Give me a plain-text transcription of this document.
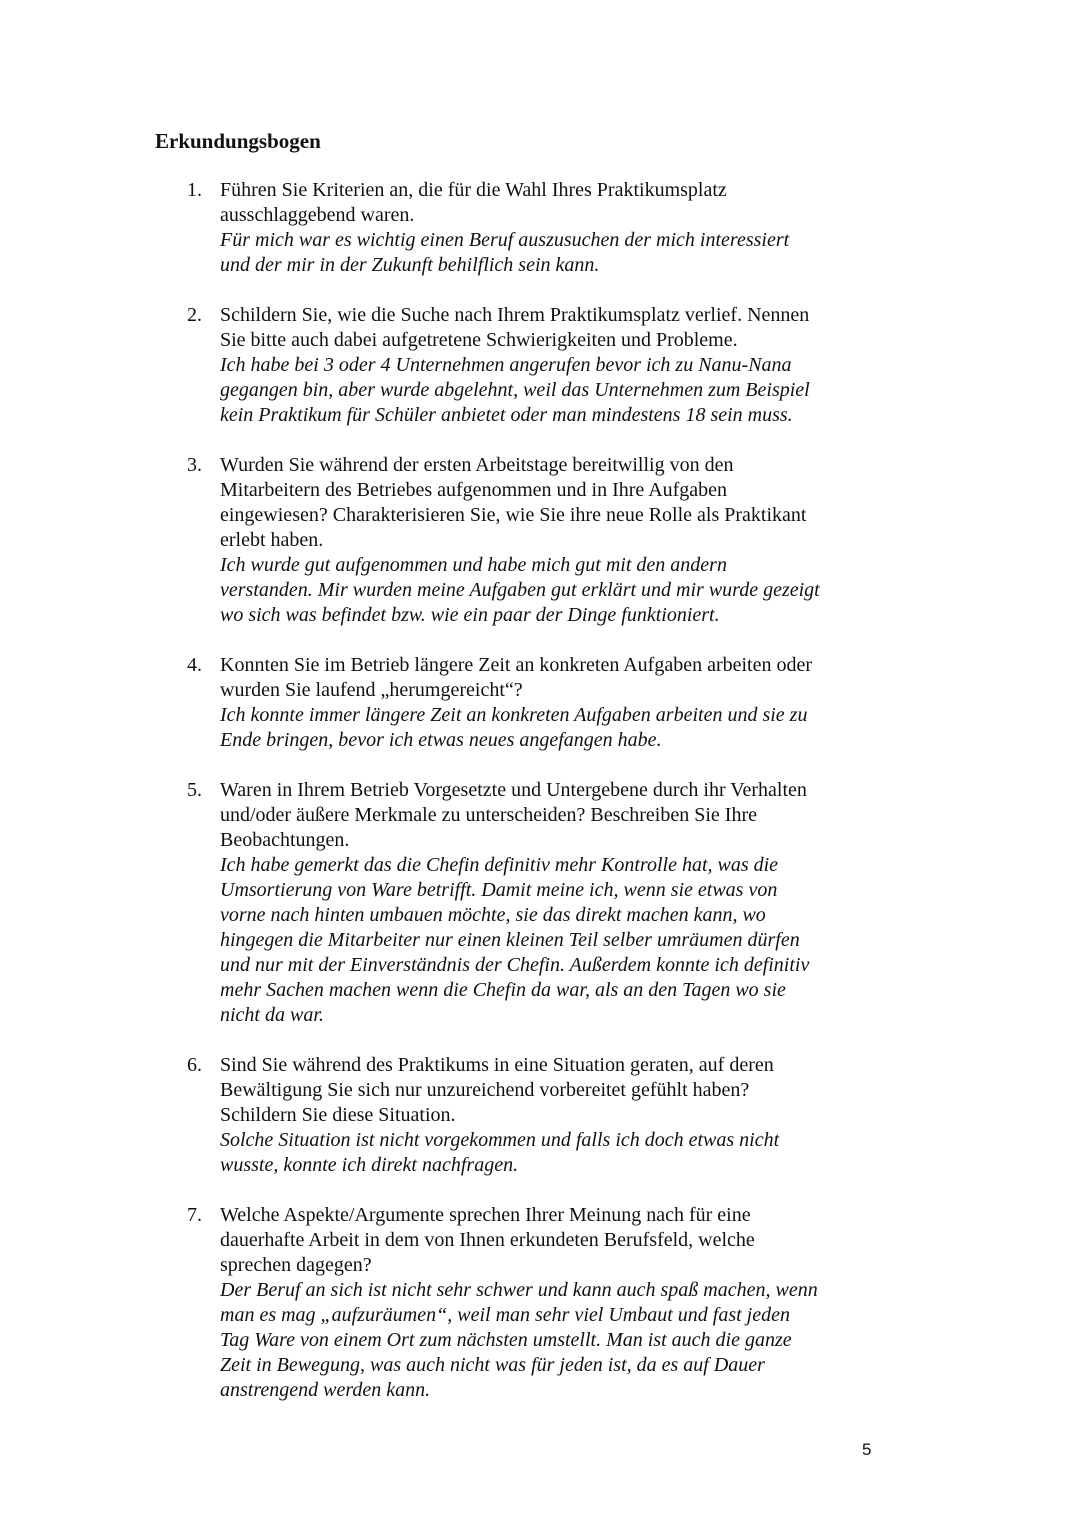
Erkundungsbogen
1. Führen Sie Kriterien an, die für die Wahl Ihres Praktikumsplatz
ausschlaggebend waren.
Für mich war es wichtig einen Beruf auszusuchen der mich interessiert
und der mir in der Zukunft behilflich sein kann.
2. Schildern Sie, wie die Suche nach Ihrem Praktikumsplatz verlief. Nennen
Sie bitte auch dabei aufgetretene Schwierigkeiten und Probleme.
Ich habe bei 3 oder 4 Unternehmen angerufen bevor ich zu Nanu-Nana
gegangen bin, aber wurde abgelehnt, weil das Unternehmen zum Beispiel
kein Praktikum für Schüler anbietet oder man mindestens 18 sein muss.
3. Wurden Sie während der ersten Arbeitstage bereitwillig von den
Mitarbeitern des Betriebes aufgenommen und in Ihre Aufgaben
eingewiesen? Charakterisieren Sie, wie Sie ihre neue Rolle als Praktikant
erlebt haben.
Ich wurde gut aufgenommen und habe mich gut mit den andern
verstanden. Mir wurden meine Aufgaben gut erklärt und mir wurde gezeigt
wo sich was befindet bzw. wie ein paar der Dinge funktioniert.
4. Konnten Sie im Betrieb längere Zeit an konkreten Aufgaben arbeiten oder
wurden Sie laufend „herumgereicht“?
Ich konnte immer längere Zeit an konkreten Aufgaben arbeiten und sie zu
Ende bringen, bevor ich etwas neues angefangen habe.
5. Waren in Ihrem Betrieb Vorgesetzte und Untergebene durch ihr Verhalten
und/oder äußere Merkmale zu unterscheiden? Beschreiben Sie Ihre
Beobachtungen.
Ich habe gemerkt das die Chefin definitiv mehr Kontrolle hat, was die
Umsortierung von Ware betrifft. Damit meine ich, wenn sie etwas von
vorne nach hinten umbauen möchte, sie das direkt machen kann, wo
hingegen die Mitarbeiter nur einen kleinen Teil selber umräumen dürfen
und nur mit der Einverständnis der Chefin. Außerdem konnte ich definitiv
mehr Sachen machen wenn die Chefin da war, als an den Tagen wo sie
nicht da war.
6. Sind Sie während des Praktikums in eine Situation geraten, auf deren
Bewältigung Sie sich nur unzureichend vorbereitet gefühlt haben?
Schildern Sie diese Situation.
Solche Situation ist nicht vorgekommen und falls ich doch etwas nicht
wusste, konnte ich direkt nachfragen.
7. Welche Aspekte/Argumente sprechen Ihrer Meinung nach für eine
dauerhafte Arbeit in dem von Ihnen erkundeten Berufsfeld, welche
sprechen dagegen?
Der Beruf an sich ist nicht sehr schwer und kann auch spaß machen, wenn
man es mag „aufzuräumen“, weil man sehr viel Umbaut und fast jeden
Tag Ware von einem Ort zum nächsten umstellt. Man ist auch die ganze
Zeit in Bewegung, was auch nicht was für jeden ist, da es auf Dauer
anstrengend werden kann.
5
